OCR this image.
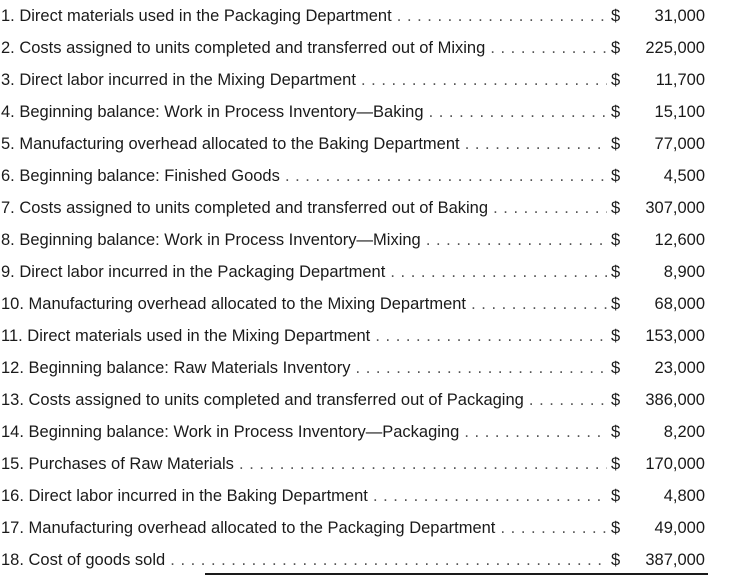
1. Direct materials used in the Packaging Department . . .	$ 31,000
2. Costs assigned to units completed and transferred out of Mixing . . .	$ 225,000
3. Direct labor incurred in the Mixing Department . . .	$ 11,700
4. Beginning balance: Work in Process Inventory—Baking . . .	$ 15,100
5. Manufacturing overhead allocated to the Baking Department . . .	$ 77,000
6. Beginning balance: Finished Goods . . .	$	4,500
7. Costs assigned to units completed and transferred out of Baking . . .	$ 307,000
8. Beginning balance: Work in Process Inventory—Mixing . . .	$ 12,600
9. Direct labor incurred in the Packaging Department . . .	$	8,900
10. Manufacturing overhead allocated to the Mixing Department . . .	$ 68,000
11. Direct materials used in the Mixing Department . . .	$ 153,000
12. Beginning balance: Raw Materials Inventory . . .	$ 23,000
13. Costs assigned to units completed and transferred out of Packaging . . .	$ 386,000
14. Beginning balance: Work in Process Inventory—Packaging . . .	$	8,200
15. Purchases of Raw Materials . . .	$ 170,000
16. Direct labor incurred in the Baking Department . . .	$	4,800
17. Manufacturing overhead allocated to the Packaging Department . . .	$ 49,000
18. Cost of goods sold . . .	$ 387,000
